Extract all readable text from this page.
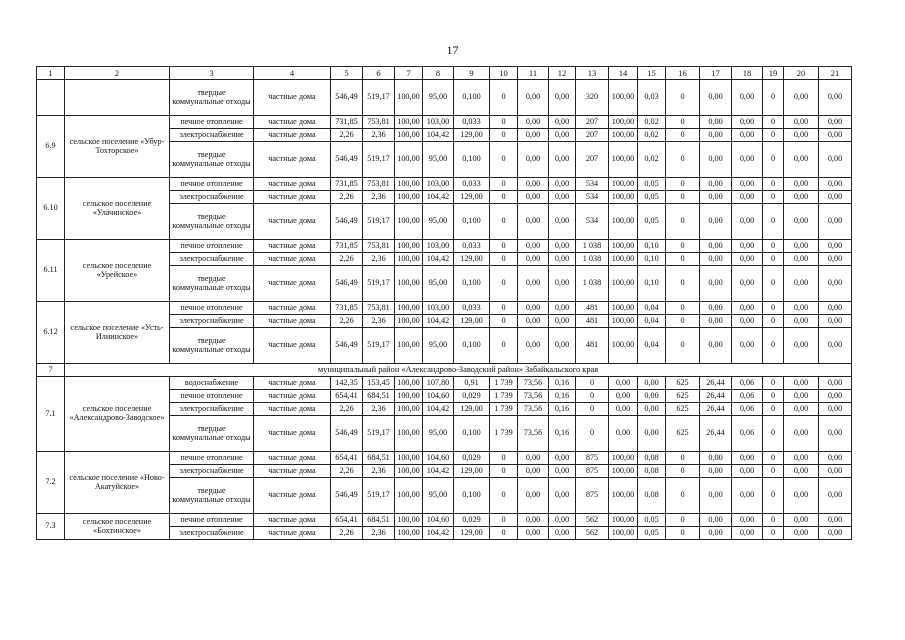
17
1	2	3	4	5	6	7	8	9	10	11	12	13	14	15	16	17	18	19	20	21
		твердые коммунальные отходы	частные дома	546,49	519,17	100,00	95,00	0,100	0	0,00	0,00	320	100,00	0,03	0	0,00	0,00	0	0,00	0,00
6.9	сельское поселение «Убур-Тохторское»	печное отопление	частные дома	731,85	753,81	100,00	103,00	0,033	0	0,00	0,00	207	100,00	0,02	0	0,00	0,00	0	0,00	0,00
		электроснабжение	частные дома	2,26	2,36	100,00	104,42	129,00	0	0,00	0,00	207	100,00	0,02	0	0,00	0,00	0	0,00	0,00
		твердые коммунальные отходы	частные дома	546,49	519,17	100,00	95,00	0,100	0	0,00	0,00	207	100,00	0,02	0	0,00	0,00	0	0,00	0,00
6.10	сельское поселение «Улачинское»	печное отопление	частные дома	731,85	753,81	100,00	103,00	0,033	0	0,00	0,00	534	100,00	0,05	0	0,00	0,00	0	0,00	0,00
		электроснабжение	частные дома	2,26	2,36	100,00	104,42	129,00	0	0,00	0,00	534	100,00	0,05	0	0,00	0,00	0	0,00	0,00
		твердые коммунальные отходы	частные дома	546,49	519,17	100,00	95,00	0,100	0	0,00	0,00	534	100,00	0,05	0	0,00	0,00	0	0,00	0,00
6.11	сельское поселение «Урейское»	печное отопление	частные дома	731,85	753,81	100,00	103,00	0,033	0	0,00	0,00	1 038	100,00	0,10	0	0,00	0,00	0	0,00	0,00
		электроснабжение	частные дома	2,26	2,36	100,00	104,42	129,00	0	0,00	0,00	1 038	100,00	0,10	0	0,00	0,00	0	0,00	0,00
		твердые коммунальные отходы	частные дома	546,49	519,17	100,00	95,00	0,100	0	0,00	0,00	1 038	100,00	0,10	0	0,00	0,00	0	0,00	0,00
6.12	сельское поселение «Усть-Илиинское»	печное отопление	частные дома	731,85	753,81	100,00	103,00	0,033	0	0,00	0,00	481	100,00	0,04	0	0,00	0,00	0	0,00	0,00
		электроснабжение	частные дома	2,26	2,36	100,00	104,42	129,00	0	0,00	0,00	481	100,00	0,04	0	0,00	0,00	0	0,00	0,00
		твердые коммунальные отходы	частные дома	546,49	519,17	100,00	95,00	0,100	0	0,00	0,00	481	100,00	0,04	0	0,00	0,00	0	0,00	0,00
7	муниципальный район «Александрово-Заводский район» Забайкальского края																			
7.1	сельское поселение «Александрово-Заводское»	водоснабжение	частные дома	142,35	153,45	100,00	107,80	0,91	1 739	73,56	0,16	0	0,00	0,00	625	26,44	0,06	0	0,00	0,00
		печное отопление	частные дома	654,41	684,51	100,00	104,60	0,029	1 739	73,56	0,16	0	0,00	0,00	625	26,44	0,06	0	0,00	0,00
		электроснабжение	частные дома	2,26	2,36	100,00	104,42	129,00	1 739	73,56	0,16	0	0,00	0,00	625	26,44	0,06	0	0,00	0,00
		твердые коммунальные отходы	частные дома	546,49	519,17	100,00	95,00	0,100	1 739	73,56	0,16	0	0,00	0,00	625	26,44	0,06	0	0,00	0,00
7.2	сельское поселение «Ново-Акатуйское»	печное отопление	частные дома	654,41	684,51	100,00	104,60	0,029	0	0,00	0,00	875	100,00	0,08	0	0,00	0,00	0	0,00	0,00
		электроснабжение	частные дома	2,26	2,36	100,00	104,42	129,00	0	0,00	0,00	875	100,00	0,08	0	0,00	0,00	0	0,00	0,00
		твердые коммунальные отходы	частные дома	546,49	519,17	100,00	95,00	0,100	0	0,00	0,00	875	100,00	0,08	0	0,00	0,00	0	0,00	0,00
7.3	сельское поселение «Бохтинское»	печное отопление	частные дома	654,41	684,51	100,00	104,60	0,029	0	0,00	0,00	562	100,00	0,05	0	0,00	0,00	0	0,00	0,00
		электроснабжение	частные дома	2,26	2,36	100,00	104,42	129,00	0	0,00	0,00	562	100,00	0,05	0	0,00	0,00	0	0,00	0,00
